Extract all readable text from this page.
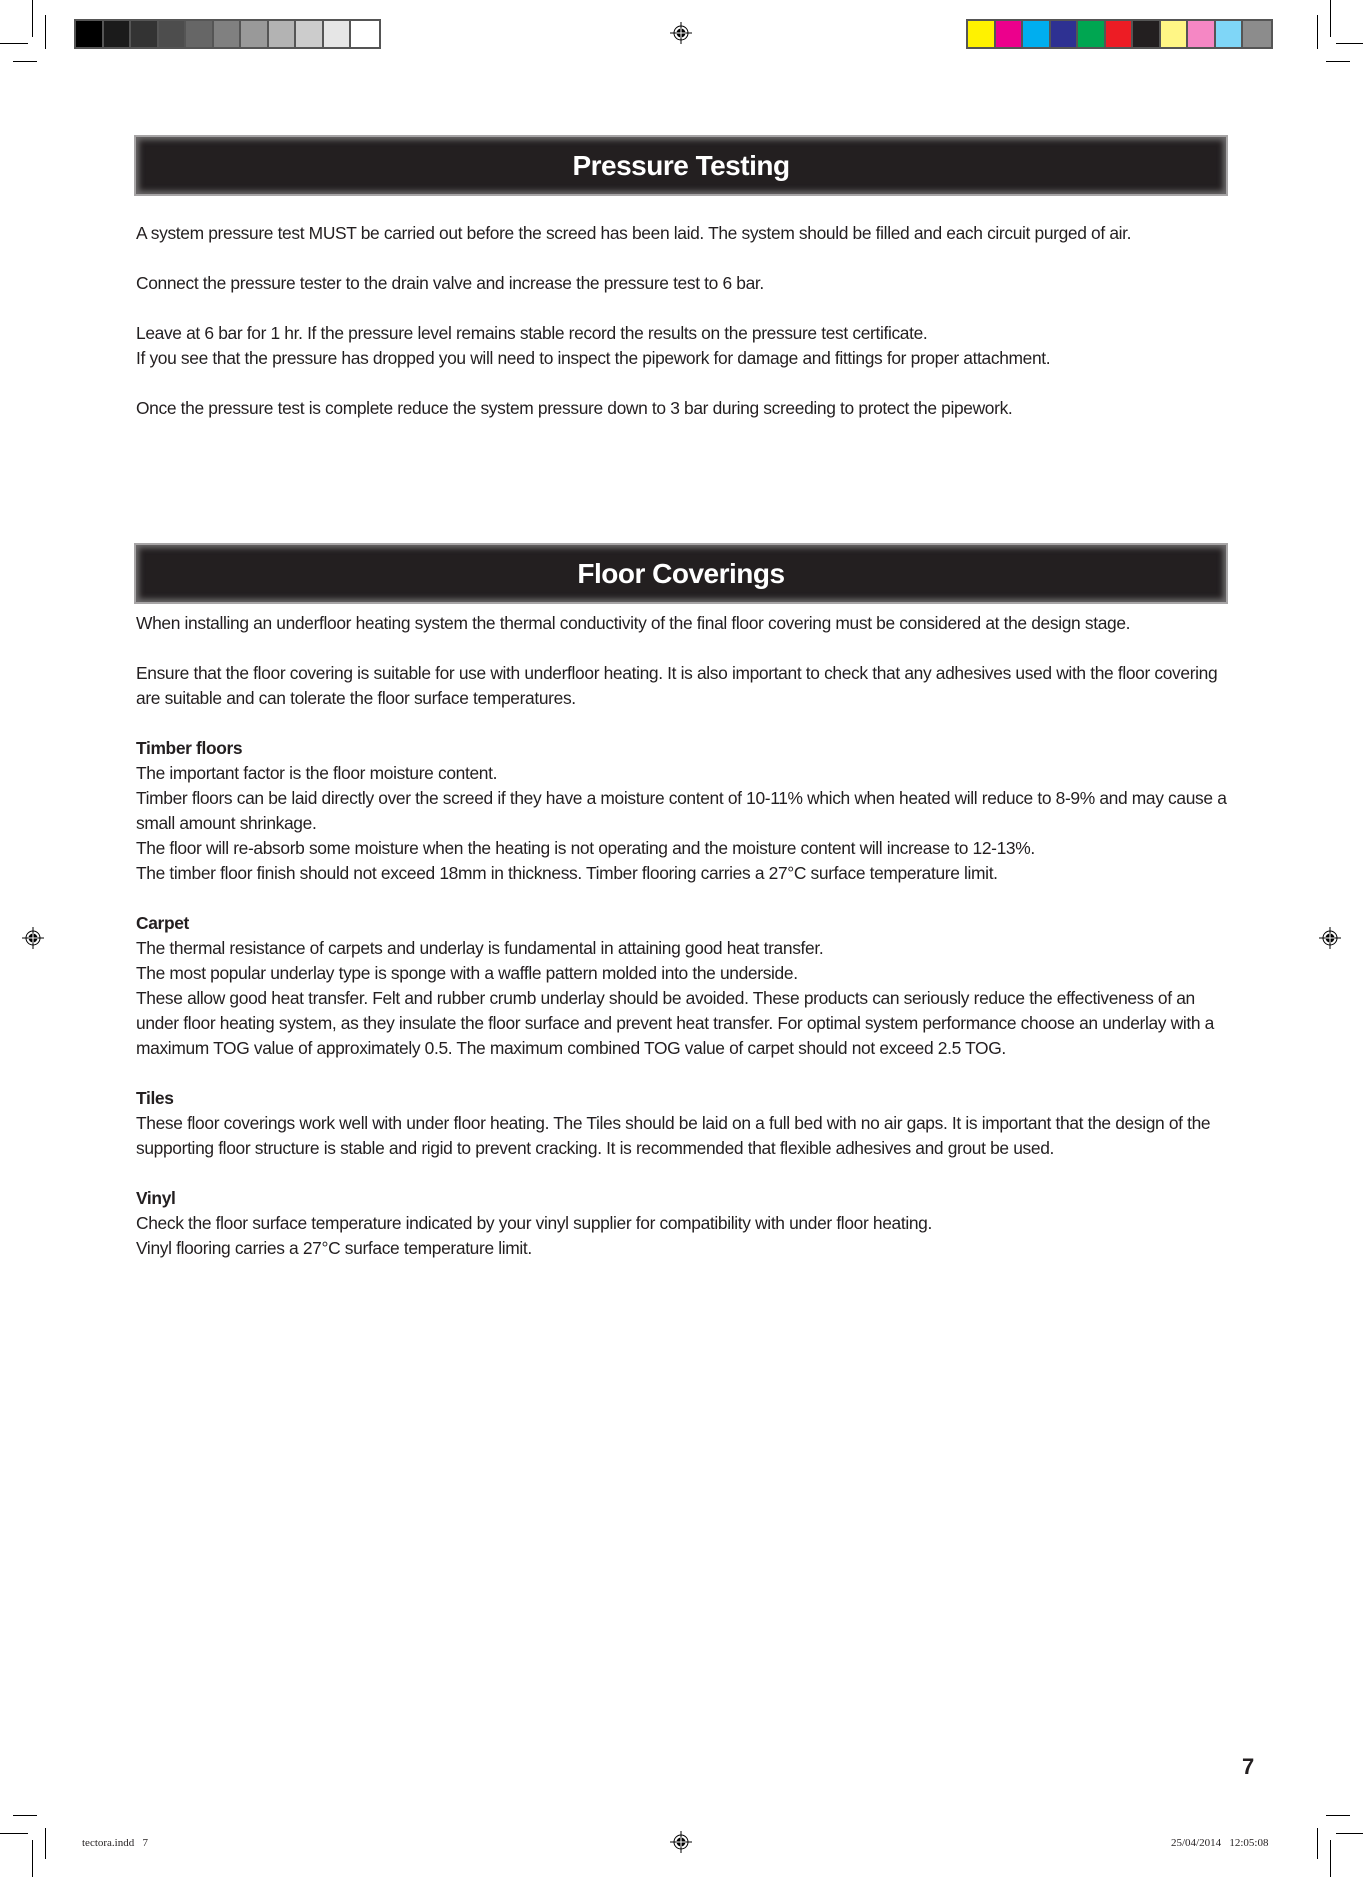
Pressure Testing

A system pressure test MUST be carried out before the screed has been laid. The system should be filled and each circuit purged of air.

Connect the pressure tester to the drain valve and increase the pressure test to 6 bar.

Leave at 6 bar for 1 hr. If the pressure level remains stable record the results on the pressure test certificate.
If you see that the pressure has dropped you will need to inspect the pipework for damage and fittings for proper attachment.

Once the pressure test is complete reduce the system pressure down to 3 bar during screeding to protect the pipework.

Floor Coverings

When installing an underfloor heating system the thermal conductivity of the final floor covering must be considered at the design stage.

Ensure that the floor covering is suitable for use with underfloor heating. It is also important to check that any adhesives used with the floor covering are suitable and can tolerate the floor surface temperatures.

Timber floors
The important factor is the floor moisture content.
Timber floors can be laid directly over the screed if they have a moisture content of 10-11% which when heated will reduce to 8-9% and may cause a small amount shrinkage.
The floor will re-absorb some moisture when the heating is not operating and the moisture content will increase to 12-13%.
The timber floor finish should not exceed 18mm in thickness. Timber flooring carries a 27°C surface temperature limit.

Carpet
The thermal resistance of carpets and underlay is fundamental in attaining good heat transfer.
The most popular underlay type is sponge with a waffle pattern molded into the underside.
These allow good heat transfer. Felt and rubber crumb underlay should be avoided. These products can seriously reduce the effectiveness of an under floor heating system, as they insulate the floor surface and prevent heat transfer. For optimal system performance choose an underlay with a maximum TOG value of approximately 0.5. The maximum combined TOG value of carpet should not exceed 2.5 TOG.

Tiles
These floor coverings work well with under floor heating. The Tiles should be laid on a full bed with no air gaps. It is important that the design of the supporting floor structure is stable and rigid to prevent cracking. It is recommended that flexible adhesives and grout be used.

Vinyl
Check the floor surface temperature indicated by your vinyl supplier for compatibility with under floor heating.
Vinyl flooring carries a 27°C surface temperature limit.

7
tectora.indd   7	25/04/2014   12:05:08
